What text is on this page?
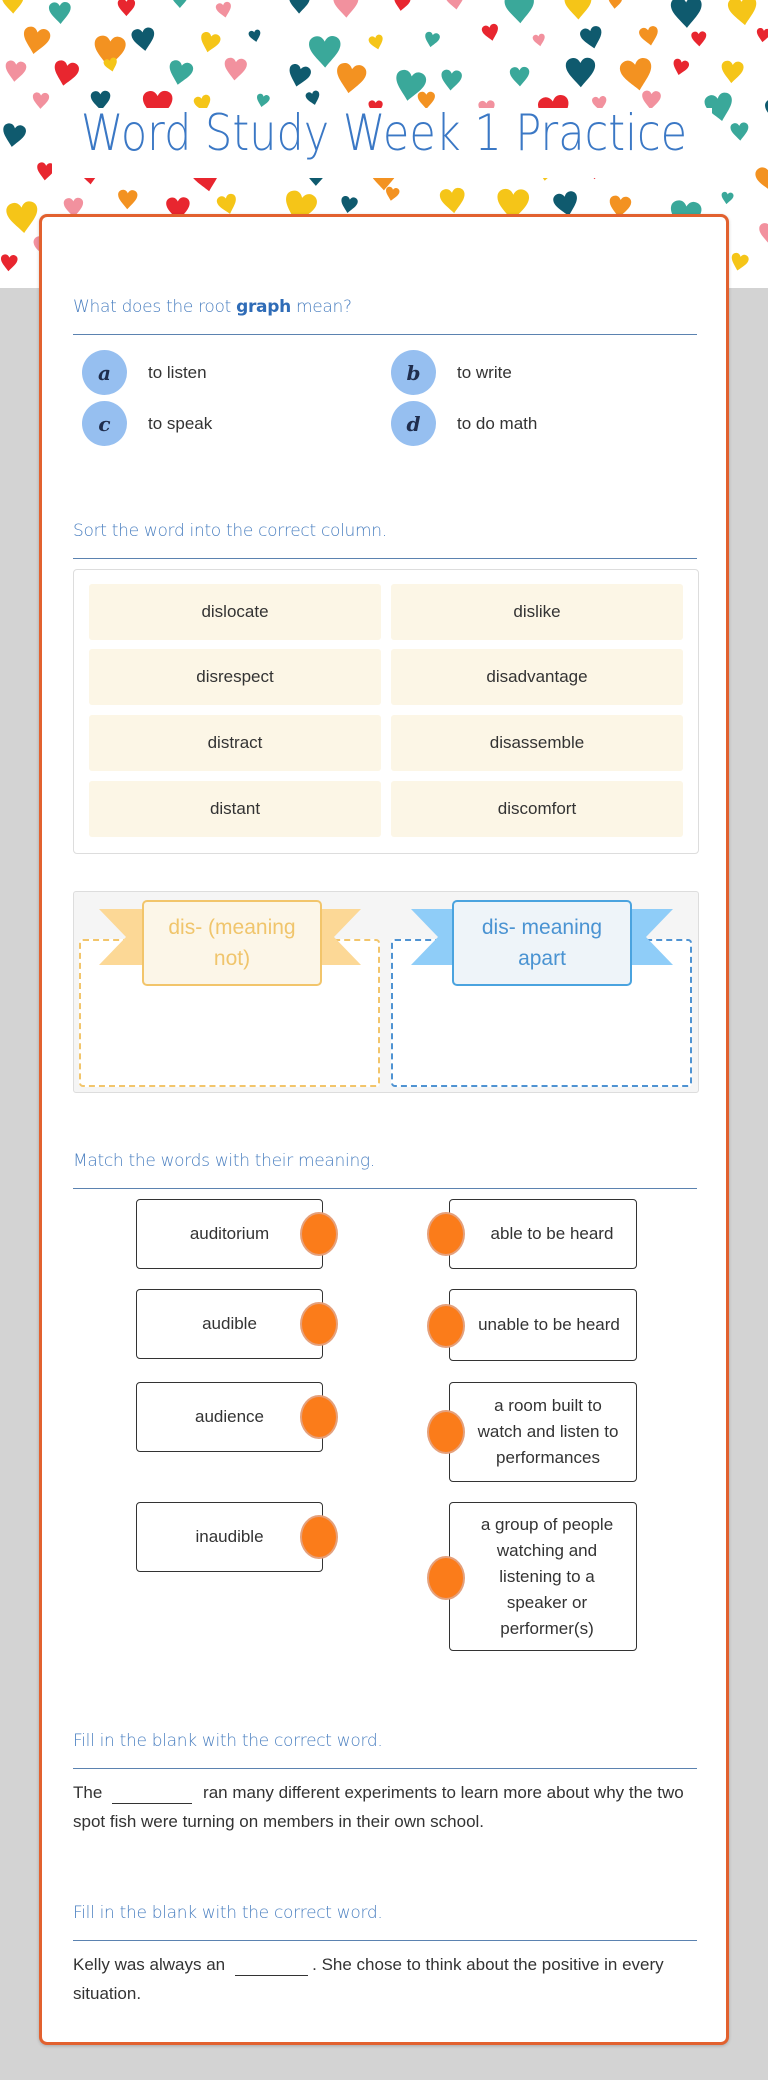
Word Study Week 1 Practice
What does the root graph mean?
a	to listen	b	to write
c	to speak	d	to do math
Sort the word into the correct column.
dislocate	dislike
disrespect	disadvantage
distract	disassemble
distant	discomfort
dis- (meaning not)
dis- meaning apart
Match the words with their meaning.
auditorium
audible
audience
inaudible
able to be heard
unable to be heard
a room built to watch and listen to performances
a group of people watching and listening to a speaker or performer(s)
Fill in the blank with the correct word.
The	ran many different experiments to learn more about why the two spot fish were turning on members in their own school.
Fill in the blank with the correct word.
Kelly was always an	. She chose to think about the positive in every situation.
